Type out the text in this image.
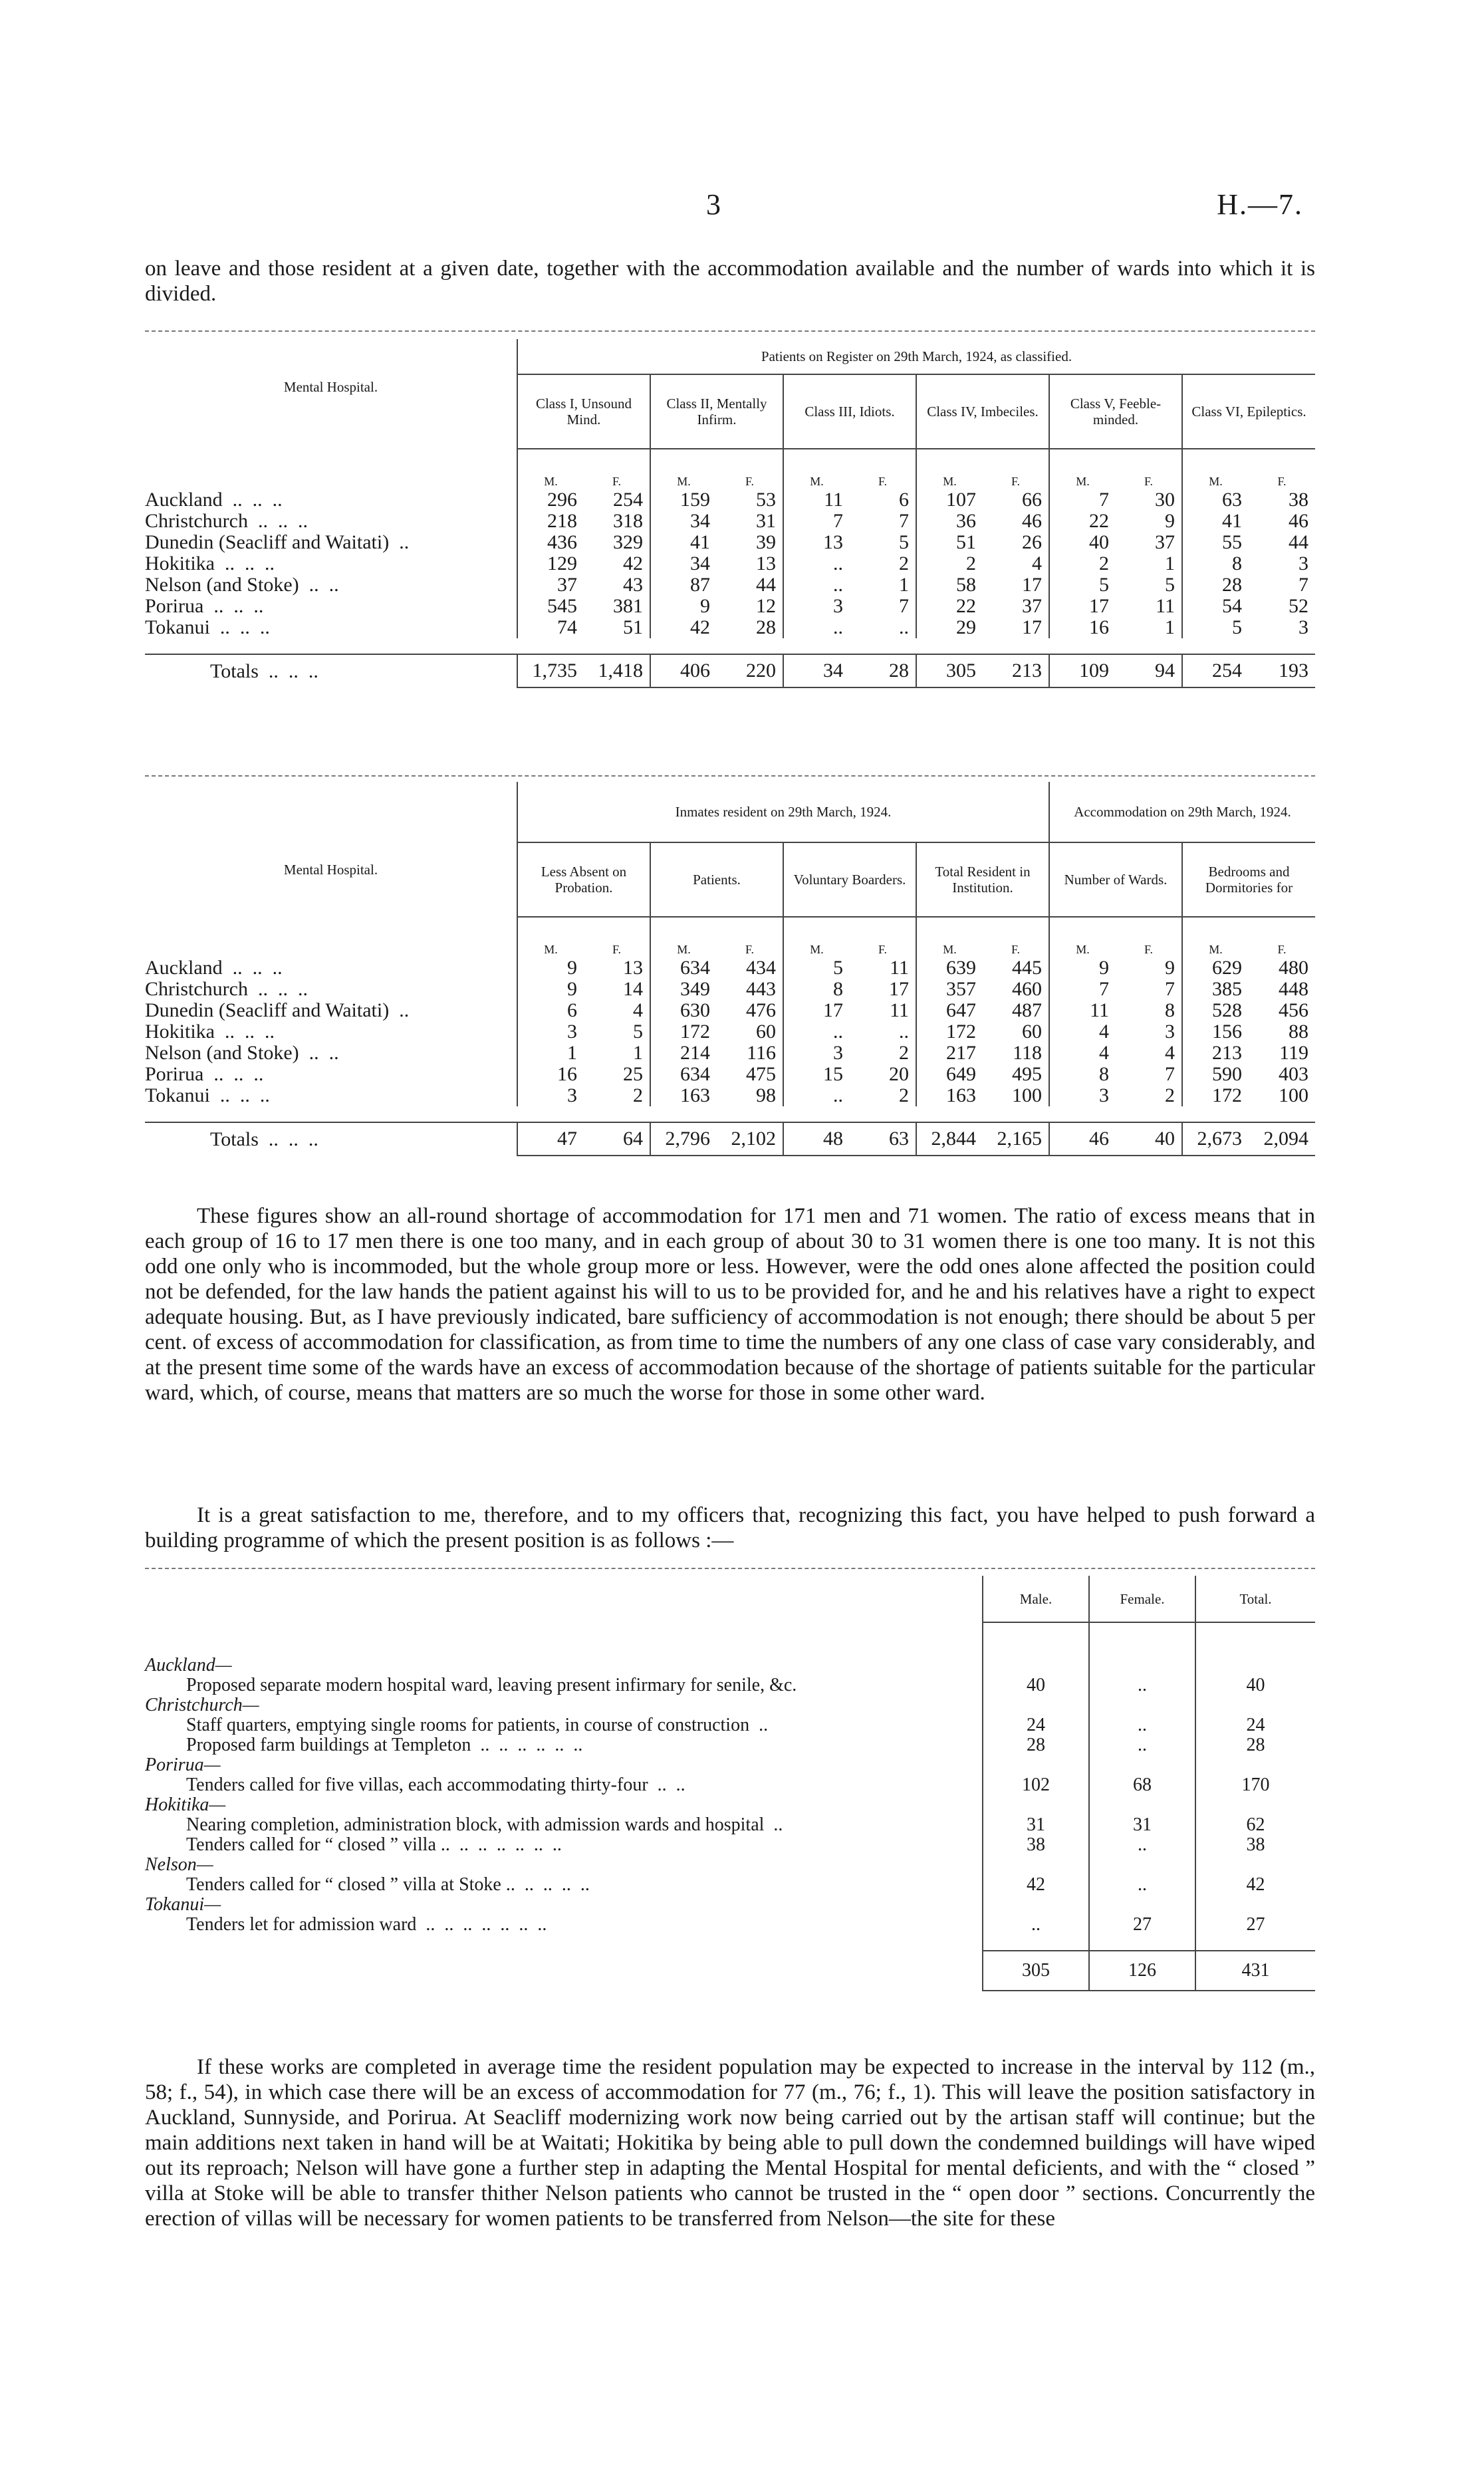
3	H.—7.
on leave and those resident at a given date, together with the accommodation available and the number of wards into which it is divided.
Mental Hospital.	Patients on Register on 29th March, 1924, as classified.											
	Class I, Unsound Mind.		Class II, Mentally Infirm.		Class III, Idiots.		Class IV, Imbeciles.		Class V, Feeble-minded.		Class VI, Epileptics.	
	M.	F.	M.	F.	M.	F.	M.	F.	M.	F.	M.	F.
Auckland  ..  ..  ..	296	254	159	53	11	6	107	66	7	30	63	38
Christchurch  ..  ..  ..	218	318	34	31	7	7	36	46	22	9	41	46
Dunedin (Seacliff and Waitati)  ..	436	329	41	39	13	5	51	26	40	37	55	44
Hokitika  ..  ..  ..	129	42	34	13	..	2	2	4	2	1	8	3
Nelson (and Stoke)  ..  ..	37	43	87	44	..	1	58	17	5	5	28	7
Porirua  ..  ..  ..	545	381	9	12	3	7	22	37	17	11	54	52
Tokanui  ..  ..  ..	74	51	42	28	..	..	29	17	16	1	5	3

Totals  ..  ..  ..	1,735	1,418	406	220	34	28	305	213	109	94	254	193
Mental Hospital.	Inmates resident on 29th March, 1924.								Accommodation on 29th March, 1924.			
	Less Absent on Probation.		Patients.		Voluntary Boarders.		Total Resident in Institution.		Number of Wards.		Bedrooms and Dormitories for	
	M.	F.	M.	F.	M.	F.	M.	F.	M.	F.	M.	F.
Auckland  ..  ..  ..	9	13	634	434	5	11	639	445	9	9	629	480
Christchurch  ..  ..  ..	9	14	349	443	8	17	357	460	7	7	385	448
Dunedin (Seacliff and Waitati)  ..	6	4	630	476	17	11	647	487	11	8	528	456
Hokitika  ..  ..  ..	3	5	172	60	..	..	172	60	4	3	156	88
Nelson (and Stoke)  ..  ..	1	1	214	116	3	2	217	118	4	4	213	119
Porirua  ..  ..  ..	16	25	634	475	15	20	649	495	8	7	590	403
Tokanui  ..  ..  ..	3	2	163	98	..	2	163	100	3	2	172	100

Totals  ..  ..  ..	47	64	2,796	2,102	48	63	2,844	2,165	46	40	2,673	2,094
These figures show an all-round shortage of accommodation for 171 men and 71 women. The ratio of excess means that in each group of 16 to 17 men there is one too many, and in each group of about 30 to 31 women there is one too many. It is not this odd one only who is incommoded, but the whole group more or less. However, were the odd ones alone affected the position could not be defended, for the law hands the patient against his will to us to be provided for, and he and his relatives have a right to expect adequate housing. But, as I have previously indicated, bare sufficiency of accommodation is not enough; there should be about 5 per cent. of excess of accommodation for classification, as from time to time the numbers of any one class of case vary considerably, and at the present time some of the wards have an excess of accommodation because of the shortage of patients suitable for the particular ward, which, of course, means that matters are so much the worse for those in some other ward.
It is a great satisfaction to me, therefore, and to my officers that, recognizing this fact, you have helped to push forward a building programme of which the present position is as follows :—
	Male.	Female.	Total.

Auckland—			
Proposed separate modern hospital ward, leaving present infirmary for senile, &c.	40	..	40
Christchurch—			
Staff quarters, emptying single rooms for patients, in course of construction  ..	24	..	24
Proposed farm buildings at Templeton  ..  ..  ..  ..  ..  ..	28	..	28
Porirua—			
Tenders called for five villas, each accommodating thirty-four  ..  ..	102	68	170
Hokitika—			
Nearing completion, administration block, with admission wards and hospital  ..	31	31	62
Tenders called for “ closed ” villa ..  ..  ..  ..  ..  ..  ..	38	..	38
Nelson—			
Tenders called for “ closed ” villa at Stoke ..  ..  ..  ..  ..	42	..	42
Tokanui—			
Tenders let for admission ward  ..  ..  ..  ..  ..  ..  ..	..	27	27

	305	126	431
If these works are completed in average time the resident population may be expected to increase in the interval by 112 (m., 58; f., 54), in which case there will be an excess of accommodation for 77 (m., 76; f., 1). This will leave the position satisfactory in Auckland, Sunnyside, and Porirua. At Seacliff modernizing work now being carried out by the artisan staff will continue; but the main additions next taken in hand will be at Waitati; Hokitika by being able to pull down the condemned buildings will have wiped out its reproach; Nelson will have gone a further step in adapting the Mental Hospital for mental deficients, and with the “ closed ” villa at Stoke will be able to transfer thither Nelson patients who cannot be trusted in the “ open door ” sections. Concurrently the erection of villas will be necessary for women patients to be transferred from Nelson—the site for these
